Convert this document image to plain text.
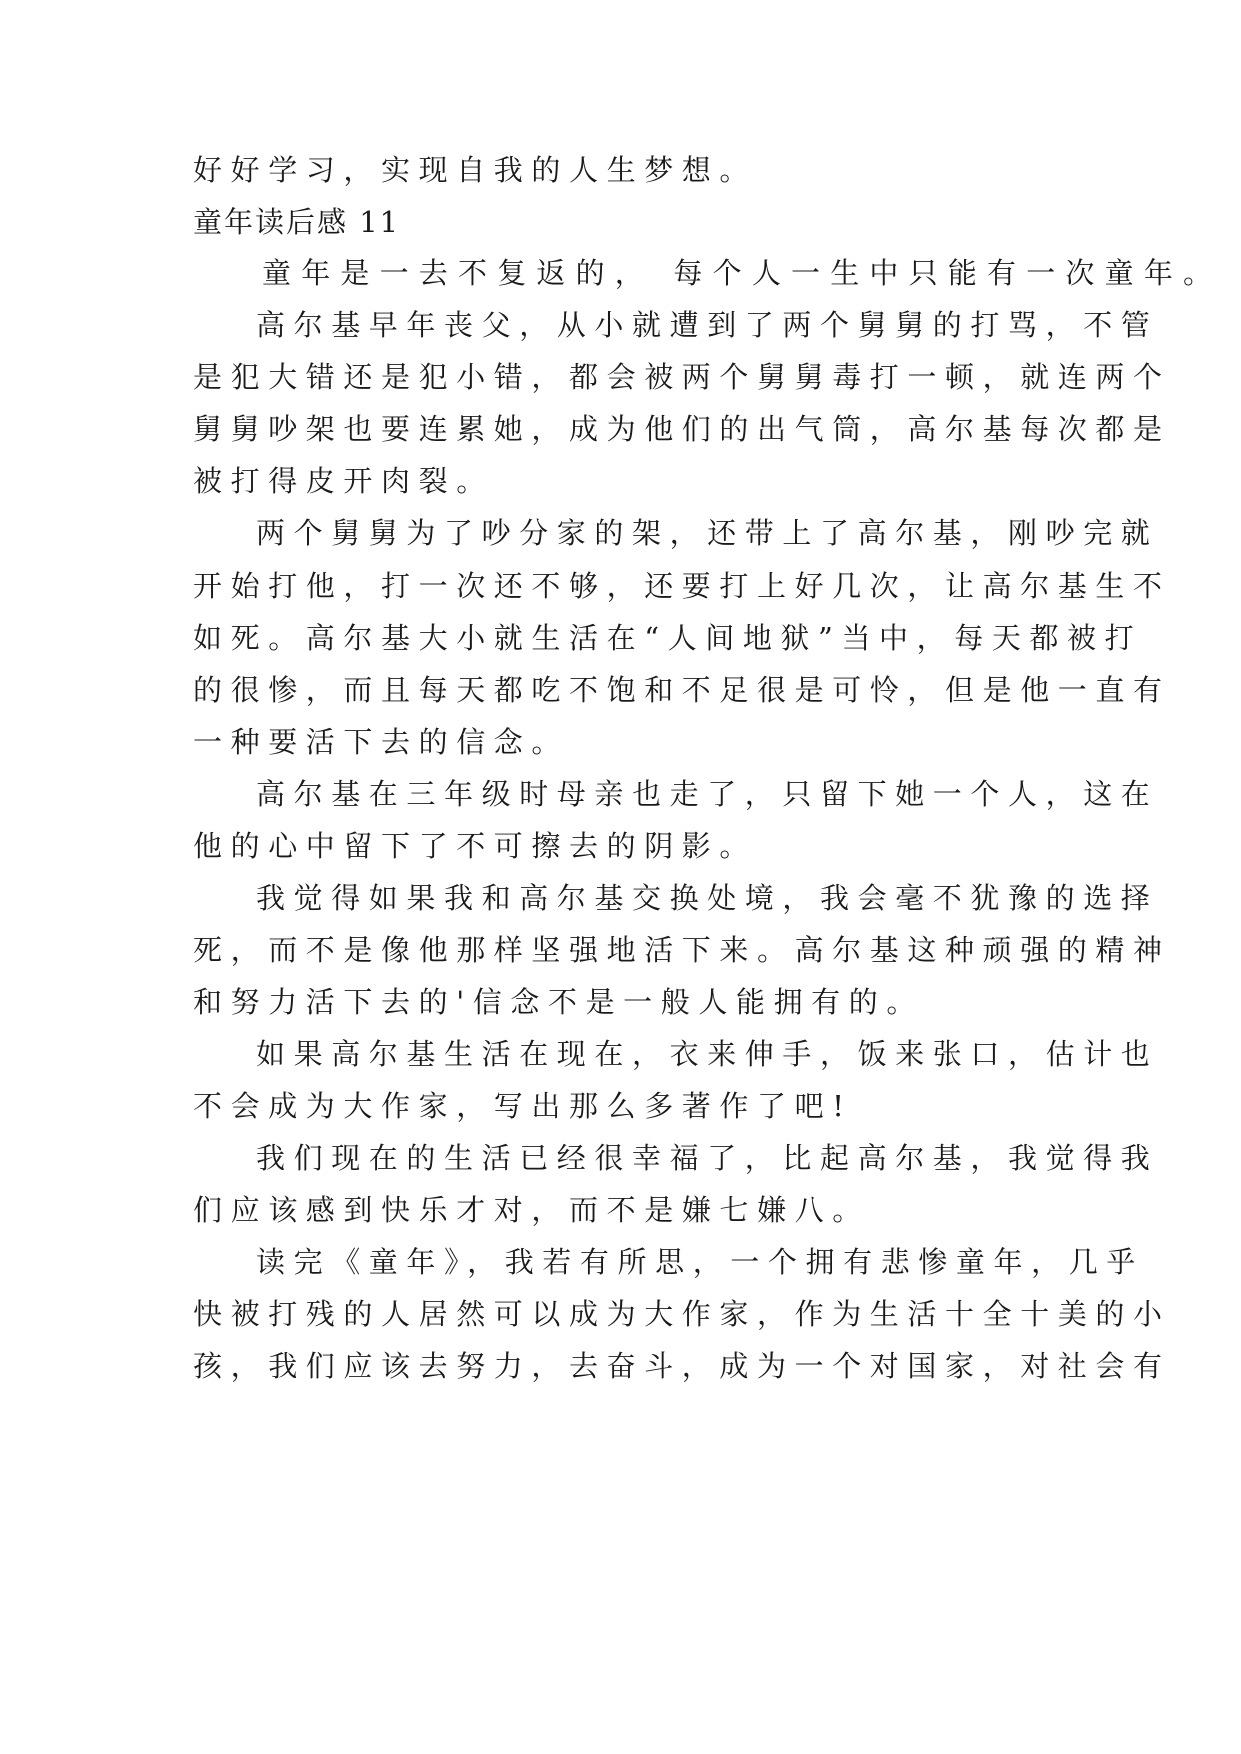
好好学习，实现自我的人生梦想。
童年读后感 11
童年是一去不复返的， 每个人一生中只能有一次童年。
高尔基早年丧父，从小就遭到了两个舅舅的打骂，不管
是犯大错还是犯小错，都会被两个舅舅毒打一顿，就连两个
舅舅吵架也要连累她，成为他们的出气筒，高尔基每次都是
被打得皮开肉裂。
两个舅舅为了吵分家的架，还带上了高尔基，刚吵完就
开始打他，打一次还不够，还要打上好几次，让高尔基生不
如死。高尔基大小就生活在“人间地狱”当中，每天都被打
的很惨，而且每天都吃不饱和不足很是可怜，但是他一直有
一种要活下去的信念。
高尔基在三年级时母亲也走了，只留下她一个人，这在
他的心中留下了不可擦去的阴影。
我觉得如果我和高尔基交换处境，我会毫不犹豫的选择
死，而不是像他那样坚强地活下来。高尔基这种顽强的精神
和努力活下去的'信念不是一般人能拥有的。
如果高尔基生活在现在，衣来伸手，饭来张口，估计也
不会成为大作家，写出那么多著作了吧!
我们现在的生活已经很幸福了，比起高尔基，我觉得我
们应该感到快乐才对，而不是嫌七嫌八。
读完《童年》，我若有所思，一个拥有悲惨童年，几乎
快被打残的人居然可以成为大作家，作为生活十全十美的小
孩，我们应该去努力，去奋斗，成为一个对国家，对社会有
